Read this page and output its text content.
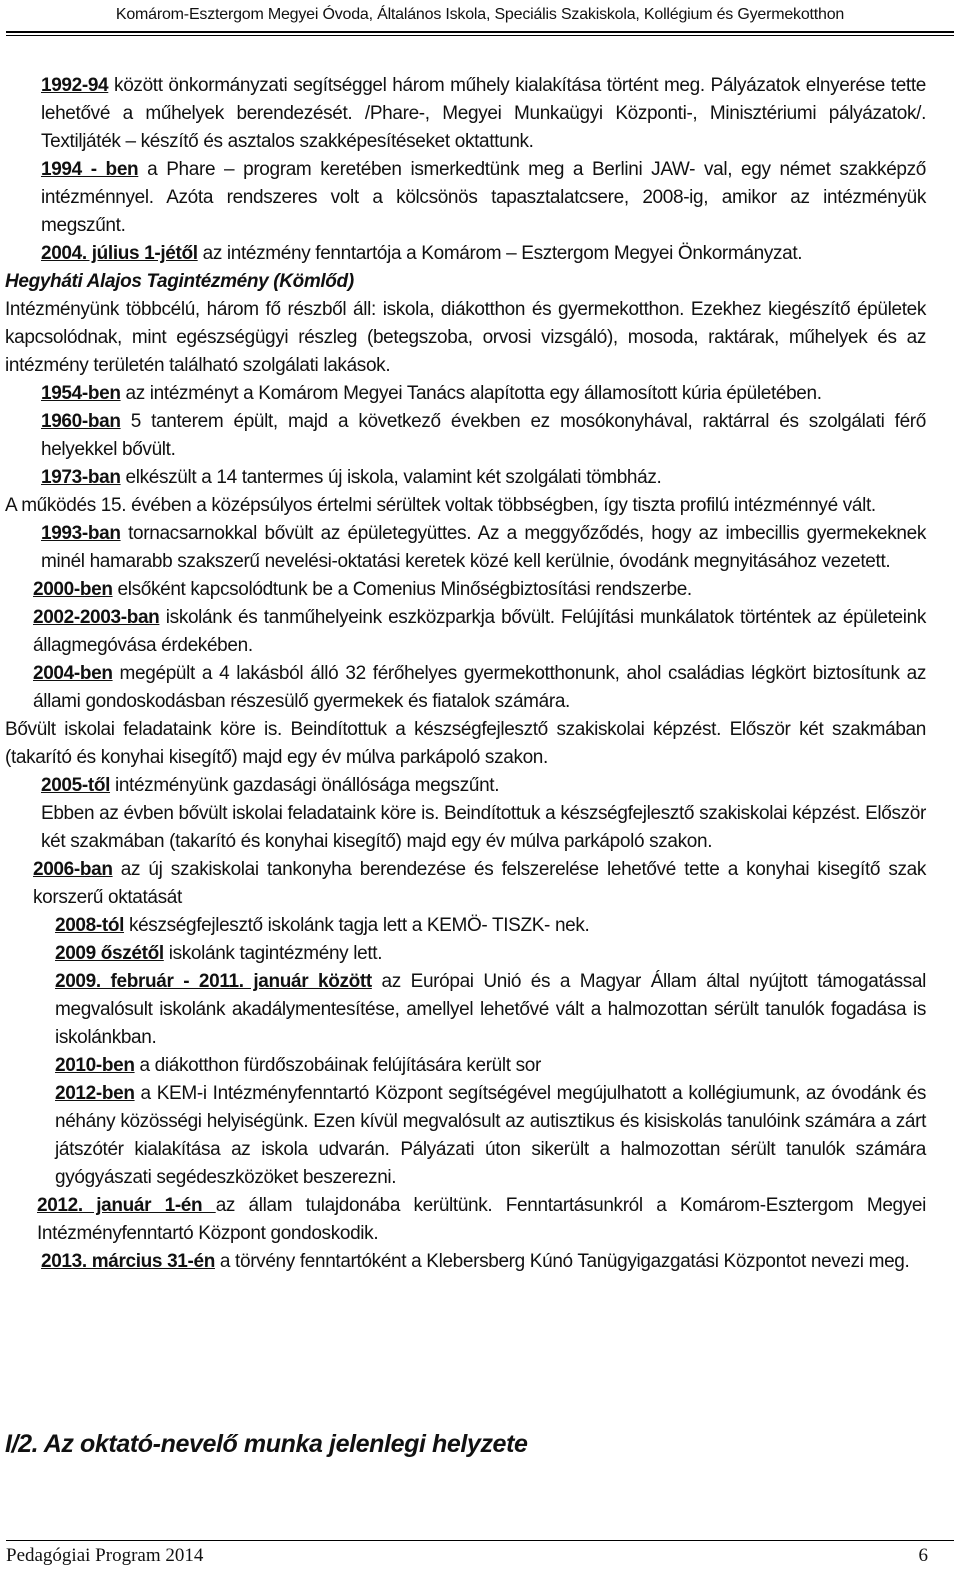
Komárom-Esztergom Megyei Óvoda, Általános Iskola, Speciális Szakiskola, Kollégium és Gyermekotthon

1992-94 között önkormányzati segítséggel három műhely kialakítása történt meg. Pályázatok elnyerése tette lehetővé a műhelyek berendezését. /Phare-, Megyei Munkaügyi Központi-, Minisztériumi pályázatok/. Textiljáték – készítő és asztalos szakképesítéseket oktattunk.

1994 - ben a Phare – program keretében ismerkedtünk meg a Berlini JAW- val, egy német szakképző intézménnyel. Azóta rendszeres volt a kölcsönös tapasztalatcsere, 2008-ig, amikor az intézményük megszűnt.

2004. július 1-jétől az intézmény fenntartója a Komárom – Esztergom Megyei Önkormányzat.

Hegyháti Alajos Tagintézmény (Kömlőd)

Intézményünk többcélú, három fő részből áll: iskola, diákotthon és gyermekotthon. Ezekhez kiegészítő épületek kapcsolódnak, mint egészségügyi részleg (betegszoba, orvosi vizsgáló), mosoda, raktárak, műhelyek és az intézmény területén található szolgálati lakások.

1954-ben az intézményt a Komárom Megyei Tanács alapította egy államosított kúria épületében.

1960-ban 5 tanterem épült, majd a következő években ez mosókonyhával, raktárral és szolgálati férő helyekkel bővült.

1973-ban elkészült a 14 tantermes új iskola, valamint két szolgálati tömbház.

A működés 15. évében a középsúlyos értelmi sérültek voltak többségben, így tiszta profilú intézménnyé vált.

1993-ban tornacsarnokkal bővült az épületegyüttes. Az a meggyőződés, hogy az imbecillis gyermekeknek minél hamarabb szakszerű nevelési-oktatási keretek közé kell kerülnie, óvodánk megnyitásához vezetett.

2000-ben elsőként kapcsolódtunk be a Comenius Minőségbiztosítási rendszerbe.

2002-2003-ban iskolánk és tanműhelyeink eszközparkja bővült. Felújítási munkálatok történtek az épületeink állagmegóvása érdekében.

2004-ben megépült a 4 lakásból álló 32 férőhelyes gyermekotthonunk, ahol családias légkört biztosítunk az állami gondoskodásban részesülő gyermekek és fiatalok számára.

Bővült iskolai feladataink köre is. Beindítottuk a készségfejlesztő szakiskolai képzést. Először két szakmában (takarító és konyhai kisegítő) majd egy év múlva parkápoló szakon.

2005-től intézményünk gazdasági önállósága megszűnt.

Ebben az évben bővült iskolai feladataink köre is. Beindítottuk a készségfejlesztő szakiskolai képzést. Először két szakmában (takarító és konyhai kisegítő) majd egy év múlva parkápoló szakon.

2006-ban az új szakiskolai tankonyha berendezése és felszerelése lehetővé tette a konyhai kisegítő szak korszerű oktatását

2008-tól készségfejlesztő iskolánk tagja lett a KEMÖ- TISZK- nek.

2009 őszétől iskolánk tagintézmény lett.

2009. február - 2011. január között az Európai Unió és a Magyar Állam által nyújtott támogatással megvalósult iskolánk akadálymentesítése, amellyel lehetővé vált a halmozottan sérült tanulók fogadása is iskolánkban.

2010-ben a diákotthon fürdőszobáinak felújítására került sor

2012-ben a KEM-i Intézményfenntartó Központ segítségével megújulhatott a kollégiumunk, az óvodánk és néhány közösségi helyiségünk. Ezen kívül megvalósult az autisztikus és kisiskolás tanulóink számára a zárt játszótér kialakítása az iskola udvarán. Pályázati úton sikerült a halmozottan sérült tanulók számára gyógyászati segédeszközöket beszerezni.

2012. január 1-én az állam tulajdonába kerültünk. Fenntartásunkról a Komárom-Esztergom Megyei Intézményfenntartó Központ gondoskodik.

2013. március 31-én a törvény fenntartóként a Klebersberg Kúnó Tanügyigazgatási Központot nevezi meg.

I/2. Az oktató-nevelő munka jelenlegi helyzete
Pedagógiai Program 2014	6
